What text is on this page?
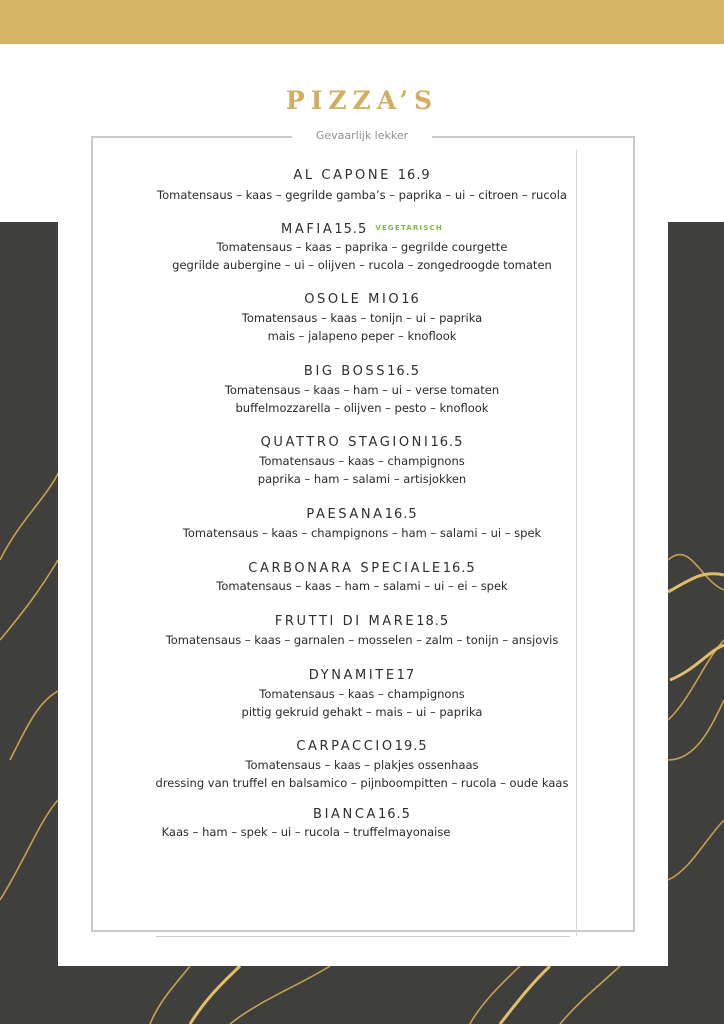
PIZZA’S
Gevaarlijk lekker
AL CAPONE 16.9
Tomatensaus – kaas – gegrilde gamba’s – paprika – ui – citroen – rucola
MAFIA15.5 $^{VEGETARISCH}$
Tomatensaus – kaas – paprika – gegrilde courgette
gegrilde aubergine – ui – olijven – rucola – zongedroogde tomaten
OSOLE MIO16
Tomatensaus – kaas – tonijn – ui – paprika
mais – jalapeno peper – knoflook
BIG BOSS16.5
Tomatensaus – kaas – ham – ui – verse tomaten
buffelmozzarella – olijven – pesto – knoflook
QUATTRO STAGIONI16.5
Tomatensaus – kaas – champignons
paprika – ham – salami – artisjokken
PAESANA16.5
Tomatensaus – kaas – champignons – ham – salami – ui – spek
CARBONARA SPECIALE16.5
Tomatensaus – kaas – ham – salami – ui – ei – spek
FRUTTI DI MARE18.5
Tomatensaus – kaas – garnalen – mosselen – zalm – tonijn – ansjovis
DYNAMITE17
Tomatensaus – kaas – champignons
pittig gekruid gehakt – mais – ui – paprika
CARPACCIO19.5
Tomatensaus – kaas – plakjes ossenhaas
dressing van truffel en balsamico – pijnboompitten – rucola – oude kaas
BIANCA16.5
Kaas – ham – spek – ui – rucola – truffelmayonaise
